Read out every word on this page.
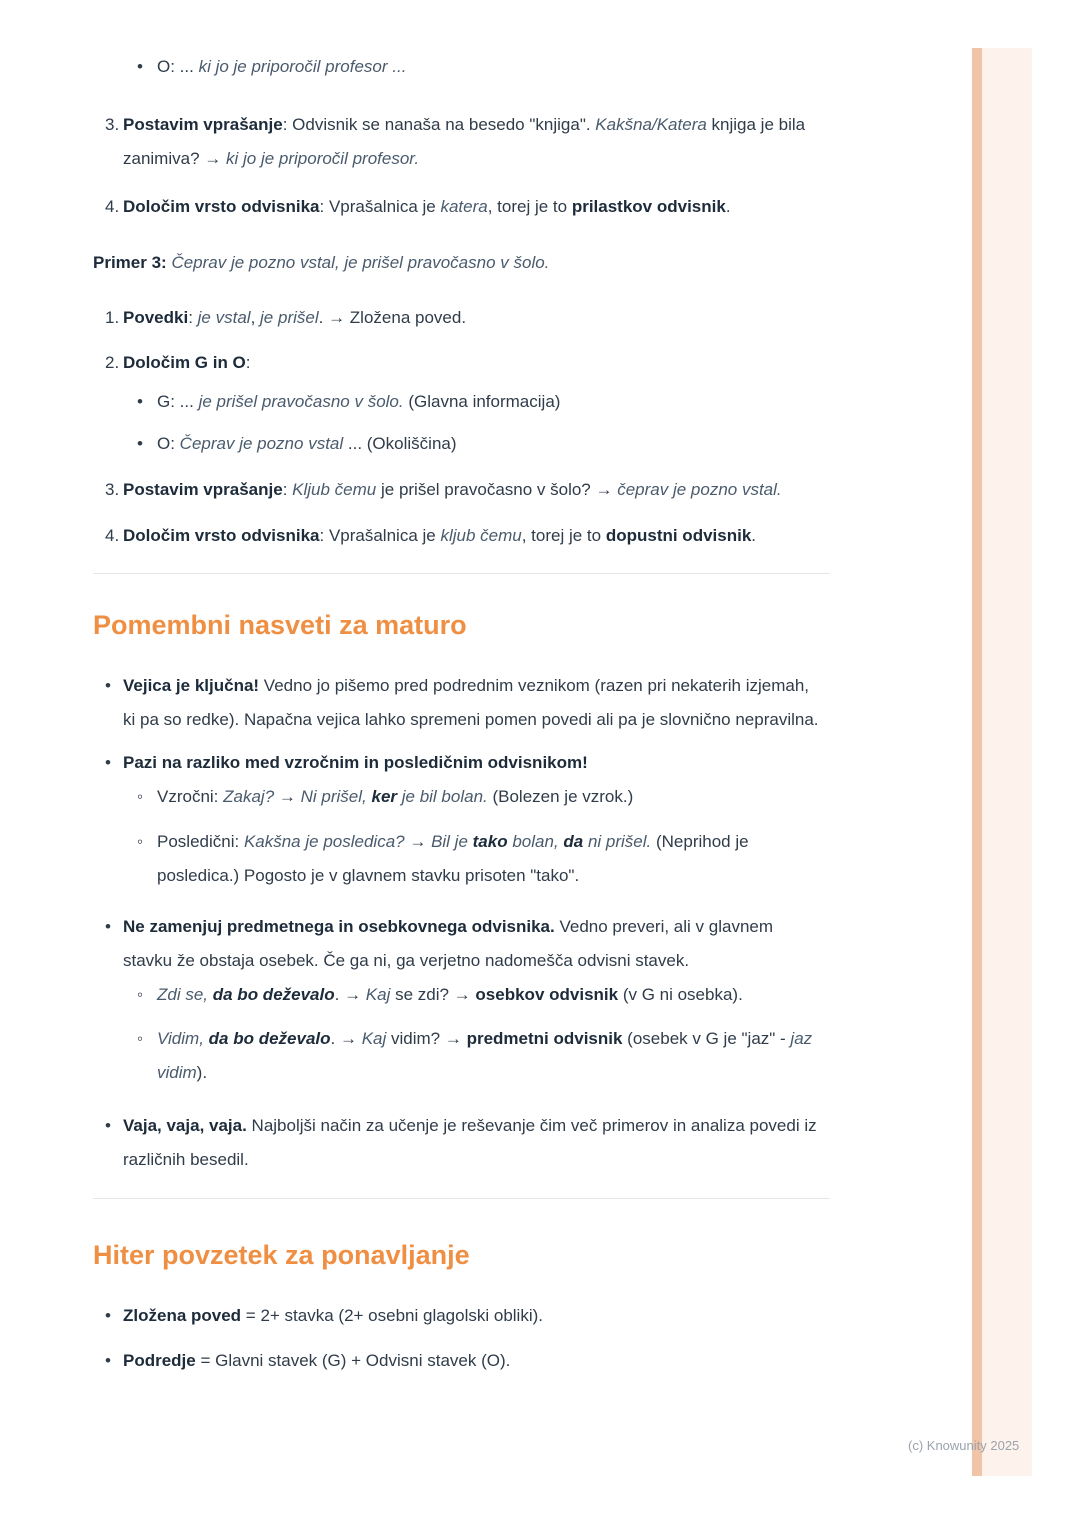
• O: ... ki jo je priporočil profesor ...
3. Postavim vprašanje: Odvisnik se nanaša na besedo "knjiga". Kakšna/Katera knjiga je bila zanimiva? → ki jo je priporočil profesor.
4. Določim vrsto odvisnika: Vprašalnica je katera, torej je to prilastkov odvisnik.
Primer 3: Čeprav je pozno vstal, je prišel pravočasno v šolo.
1. Povedki: je vstal, je prišel. → Zložena poved.
2. Določim G in O:
• G: ... je prišel pravočasno v šolo. (Glavna informacija)
• O: Čeprav je pozno vstal ... (Okoliščina)
3. Postavim vprašanje: Kljub čemu je prišel pravočasno v šolo? → čeprav je pozno vstal.
4. Določim vrsto odvisnika: Vprašalnica je kljub čemu, torej je to dopustni odvisnik.
Pomembni nasveti za maturo
• Vejica je ključna! Vedno jo pišemo pred podrednim veznikom (razen pri nekaterih izjemah, ki pa so redke). Napačna vejica lahko spremeni pomen povedi ali pa je slovnično nepravilna.
• Pazi na razliko med vzročnim in posledičnim odvisnikom!
◦ Vzročni: Zakaj? → Ni prišel, ker je bil bolan. (Bolezen je vzrok.)
◦ Posledični: Kakšna je posledica? → Bil je tako bolan, da ni prišel. (Neprihod je posledica.) Pogosto je v glavnem stavku prisoten "tako".
• Ne zamenjuj predmetnega in osebkovnega odvisnika. Vedno preveri, ali v glavnem stavku že obstaja osebek. Če ga ni, ga verjetno nadomešča odvisni stavek.
◦ Zdi se, da bo deževalo. → Kaj se zdi? → osebkov odvisnik (v G ni osebka).
◦ Vidim, da bo deževalo. → Kaj vidim? → predmetni odvisnik (osebek v G je "jaz" - jaz vidim).
• Vaja, vaja, vaja. Najboljši način za učenje je reševanje čim več primerov in analiza povedi iz različnih besedil.
Hiter povzetek za ponavljanje
• Zložena poved = 2+ stavka (2+ osebni glagolski obliki).
• Podredje = Glavni stavek (G) + Odvisni stavek (O).
(c) Knowunity 2025
